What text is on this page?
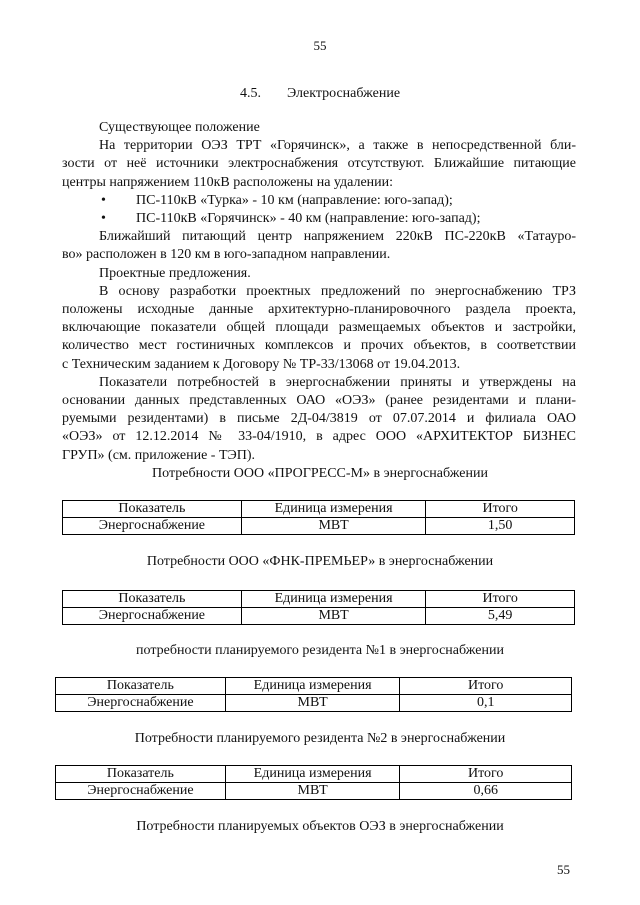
55
4.5. Электроснабжение

Существующее положение

На территории ОЭЗ ТРТ «Горячинск», а также в непосредственной бли-

зости от неё источники электроснабжения отсутствуют. Ближайшие питающие

центры напряжением 110кВ расположены на удалении:

• ПС-110кВ «Турка» - 10 км (направление: юго-запад);

• ПС-110кВ «Горячинск» - 40 км (направление: юго-запад);

Ближайший питающий центр напряжением 220кВ ПС-220кВ «Татауро-

во» расположен в 120 км в юго-западном направлении.

Проектные предложения.

В основу разработки проектных предложений по энергоснабжению ТРЗ

положены исходные данные архитектурно-планировочного раздела проекта,

включающие показатели общей площади размещаемых объектов и застройки,

количество мест гостиничных комплексов и прочих объектов, в соответствии

с Техническим заданием к Договору № ТР-33/13068 от 19.04.2013.

Показатели потребностей в энергоснабжении приняты и утверждены на

основании данных представленных ОАО «ОЭЗ» (ранее резидентами и плани-

руемыми резидентами) в письме 2Д-04/3819 от 07.07.2014 и филиала ОАО

«ОЭЗ» от 12.12.2014 № 33-04/1910, в адрес ООО «АРХИТЕКТОР БИЗНЕС

ГРУП» (см. приложение - ТЭП).

Потребности ООО «ПРОГРЕСС-М» в энергоснабжении
Показатель	Единица измерения	Итого
Энергоснабжение	МВТ	1,50
Потребности ООО «ФНК-ПРЕМЬЕР» в энергоснабжении
Показатель	Единица измерения	Итого
Энергоснабжение	МВТ	5,49
потребности планируемого резидента №1 в энергоснабжении
Показатель	Единица измерения	Итого
Энергоснабжение	МВТ	0,1
Потребности планируемого резидента №2 в энергоснабжении
Показатель	Единица измерения	Итого
Энергоснабжение	МВТ	0,66
Потребности планируемых объектов ОЭЗ в энергоснабжении
55
